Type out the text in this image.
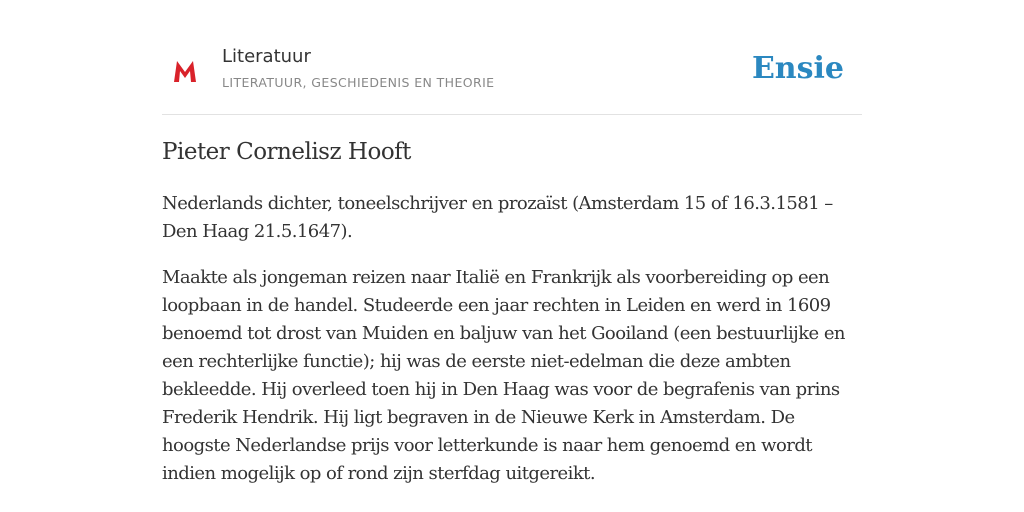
Literatuur
LITERATUUR, GESCHIEDENIS EN THEORIE	Ensie
Pieter Cornelisz Hooft

Nederlands dichter, toneelschrijver en prozaïst (Amsterdam 15 of 16.3.1581 – Den Haag 21.5.1647).

Maakte als jongeman reizen naar Italië en Frankrijk als voorbereiding op een loopbaan in de handel. Studeerde een jaar rechten in Leiden en werd in 1609 benoemd tot drost van Muiden en baljuw van het Gooiland (een bestuurlijke en een rechterlijke functie); hij was de eerste niet-edelman die deze ambten bekleedde. Hij overleed toen hij in Den Haag was voor de begrafenis van prins Frederik Hendrik. Hij ligt begraven in de Nieuwe Kerk in Amsterdam. De hoogste Nederlandse prijs voor letterkunde is naar hem genoemd en wordt indien mogelijk op of rond zijn sterfdag uitgereikt.
